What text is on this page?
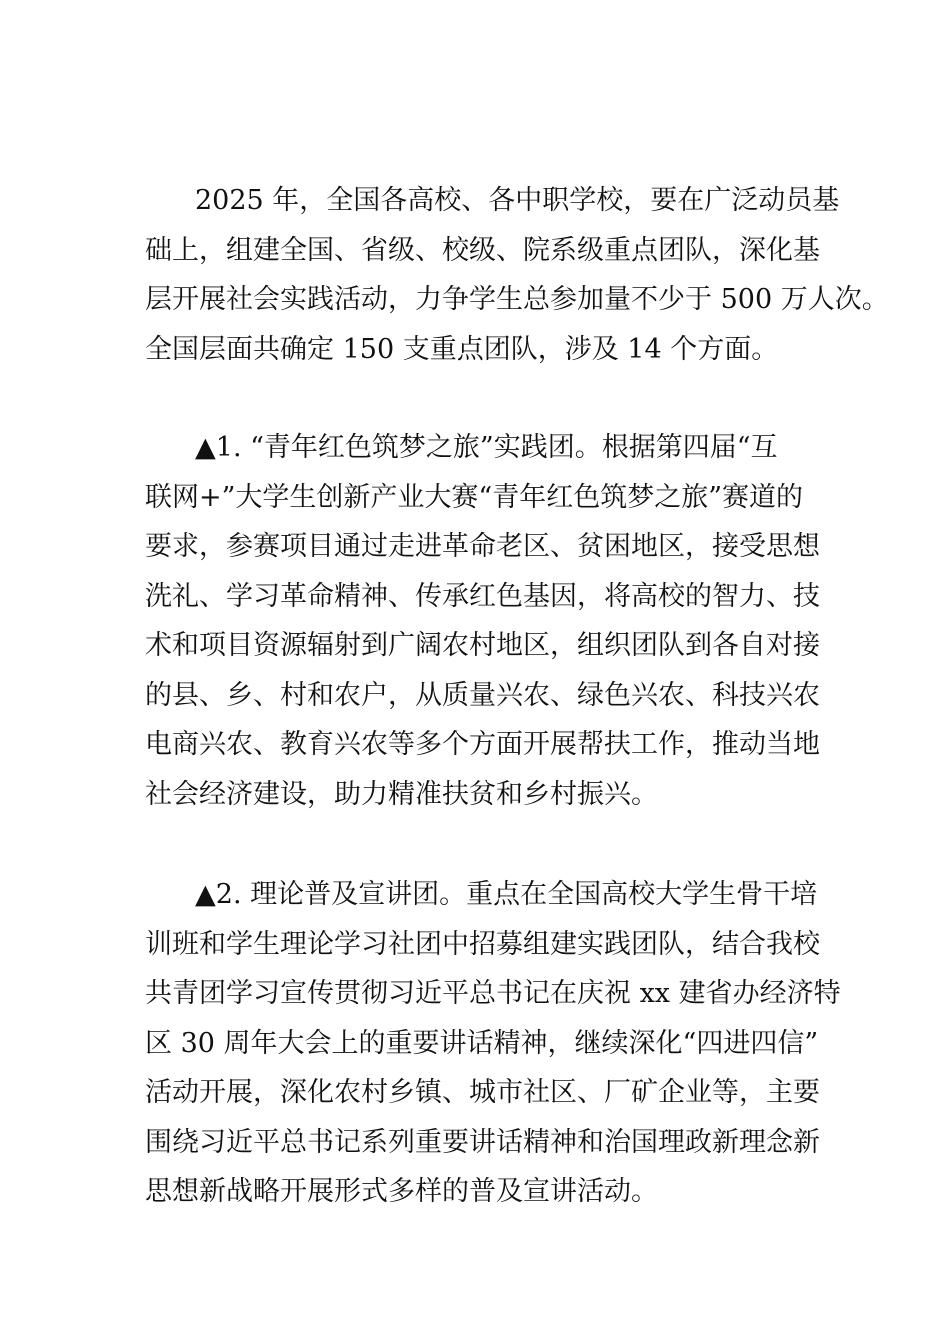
2025 年，全国各高校、各中职学校，要在广泛动员基
础上，组建全国、省级、校级、院系级重点团队，深化基
层开展社会实践活动，力争学生总参加量不少于 500 万人次。
全国层面共确定 150 支重点团队，涉及 14 个方面。

▲1. “青年红色筑梦之旅”实践团。根据第四届“互
联网+”大学生创新产业大赛“青年红色筑梦之旅”赛道的
要求，参赛项目通过走进革命老区、贫困地区，接受思想
洗礼、学习革命精神、传承红色基因，将高校的智力、技
术和项目资源辐射到广阔农村地区，组织团队到各自对接
的县、乡、村和农户，从质量兴农、绿色兴农、科技兴农
电商兴农、教育兴农等多个方面开展帮扶工作，推动当地
社会经济建设，助力精准扶贫和乡村振兴。

▲2. 理论普及宣讲团。重点在全国高校大学生骨干培
训班和学生理论学习社团中招募组建实践团队，结合我校
共青团学习宣传贯彻习近平总书记在庆祝 xx 建省办经济特
区 30 周年大会上的重要讲话精神，继续深化“四进四信”
活动开展，深化农村乡镇、城市社区、厂矿企业等，主要
围绕习近平总书记系列重要讲话精神和治国理政新理念新
思想新战略开展形式多样的普及宣讲活动。
